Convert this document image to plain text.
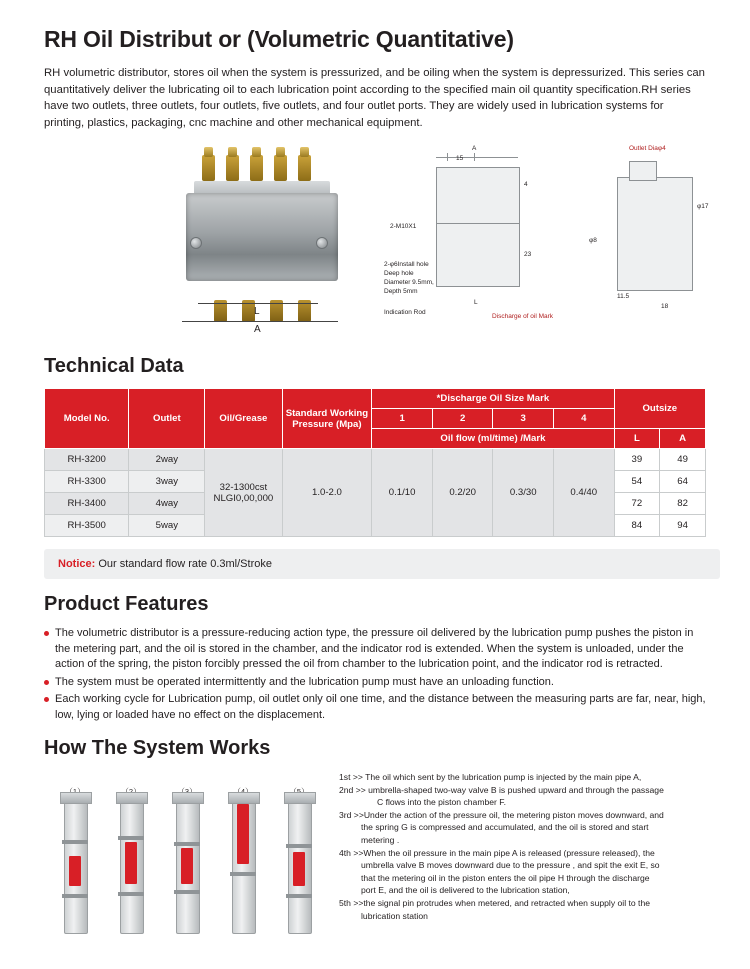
RH Oil Distribut or (Volumetric Quantitative)

RH volumetric distributor, stores oil when the system is pressurized, and be oiling when the system is depressurized. This series can quantitatively deliver the lubricating oil to each lubrication point according to the specified main oil quantity specification.RH series have two outlets, three outlets, four outlets, five outlets, and four outlet ports. They are widely used in lubrication systems for printing, plastics, packaging, cnc machine and other mechanical equipment.

L
A
A
15
4
2-M10X1
2-φ6Install hole
Deep hole
Diameter 9.5mm,
Depth 5mm
Indication Rod
L
23
Discharge of oil Mark
Outlet Diaφ4
φ17
11.5
18
φ8
Technical Data
Model No.	Outlet	Oil/Grease	Standard Working Pressure (Mpa)	*Discharge Oil Size Mark				Outsize	
				1	2	3	4		
				Oil flow (ml/time) /Mark				L	A
RH-3200	2way	32-1300cst NLGI0,00,000	1.0-2.0	0.1/10	0.2/20	0.3/30	0.4/40	39	49
RH-3300	3way							54	64
RH-3400	4way							72	82
RH-3500	5way							84	94
Notice: Our standard flow rate 0.3ml/Stroke
Product Features
The volumetric distributor is a pressure-reducing action type, the pressure oil delivered by the lubrication pump pushes the piston in the metering part, and the oil is stored in the chamber, and the indicator rod is extended. When the system is unloaded, under the action of the spring, the piston forcibly pressed the oil from chamber to the lubrication point, and the indicator rod is retracted.
The system must be operated intermittently and the lubrication pump must have an unloading function.
Each working cycle for Lubrication pump, oil outlet only oil one time, and the distance between the measuring parts are far, near, high, low, lying or loaded have no effect on the displacement.
How The System Works

1st >> The oil which sent by the lubrication pump is injected by the main pipe A,

2nd >> umbrella-shaped two-way valve B is pushed upward and through the passage

C flows into the piston chamber F.

3rd >>Under the action of the pressure oil, the metering piston moves downward, and

the spring G is compressed and accumulated, and the oil is stored and start

metering .

4th >>When the oil pressure in the main pipe A is released (pressure released), the

umbrella valve B moves downward due to the pressure , and spit the exit E, so

that the metering oil in the piston enters the oil pipe H through the discharge

port E, and the oil is delivered to the lubrication station,

5th >>the signal pin protrudes when metered, and retracted when supply oil to the

lubrication station
